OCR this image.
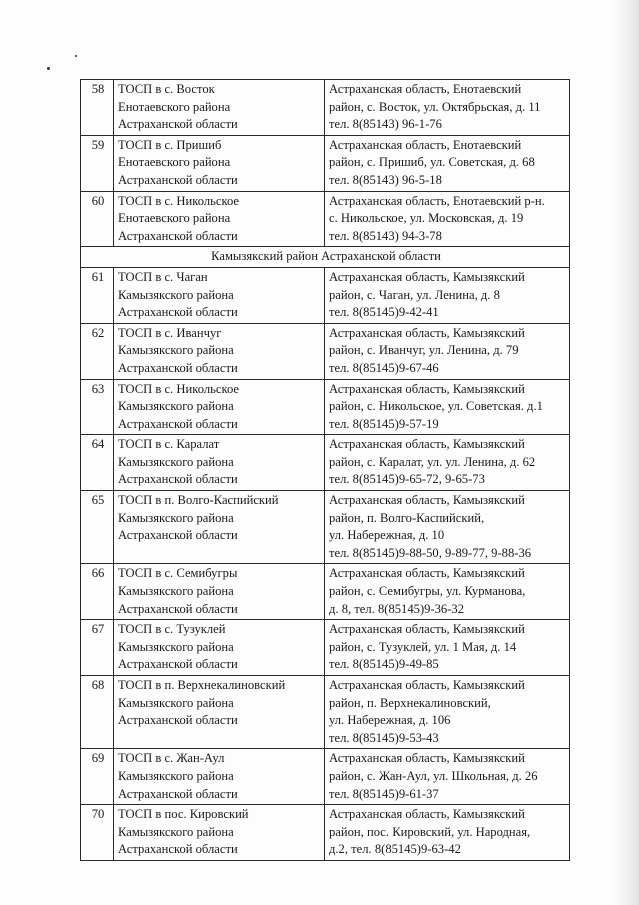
58	ТОСП в с. Восток
Енотаевского района
Астраханской области	Астраханская область, Енотаевский
район, с. Восток, ул. Октябрьская, д. 11
тел. 8(85143) 96-1-76

59	ТОСП в с. Пришиб
Енотаевского района
Астраханской области	Астраханская область, Енотаевский
район, с. Пришиб, ул. Советская, д. 68
тел. 8(85143) 96-5-18

60	ТОСП в с. Никольское
Енотаевского района
Астраханской области	Астраханская область, Енотаевский р-н.
с. Никольское, ул. Московская, д. 19
тел. 8(85143) 94-3-78

Камызякский район Астраханской области		
61	ТОСП в с. Чаган
Камызякского района
Астраханской области	Астраханская область, Камызякский
район, с. Чаган, ул. Ленина, д. 8
тел. 8(85145)9-42-41

62	ТОСП в с. Иванчуг
Камызякского района
Астраханской области	Астраханская область, Камызякский
район, с. Иванчуг, ул. Ленина, д. 79
тел. 8(85145)9-67-46

63	ТОСП в с. Никольское
Камызякского района
Астраханской области	Астраханская область, Камызякский
район, с. Никольское, ул. Советская. д.1
тел. 8(85145)9-57-19

64	ТОСП в с. Каралат
Камызякского района
Астраханской области	Астраханская область, Камызякский
район, с. Каралат, ул. ул. Ленина, д. 62
тел. 8(85145)9-65-72, 9-65-73

65	ТОСП в п. Волго-Каспийский
Камызякского района
Астраханской области	Астраханская область, Камызякский
район, п. Волго-Каспийский,
ул. Набережная, д. 10
тел. 8(85145)9-88-50, 9-89-77, 9-88-36

66	ТОСП в с. Семибугры
Камызякского района
Астраханской области	Астраханская область, Камызякский
район, с. Семибугры, ул. Курманова,
д. 8, тел. 8(85145)9-36-32

67	ТОСП в с. Тузуклей
Камызякского района
Астраханской области	Астраханская область, Камызякский
район, с. Тузуклей, ул. 1 Мая, д. 14
тел. 8(85145)9-49-85

68	ТОСП в п. Верхнекалиновский
Камызякского района
Астраханской области	Астраханская область, Камызякский
район, п. Верхнекалиновский,
ул. Набережная, д. 106
тел. 8(85145)9-53-43

69	ТОСП в с. Жан-Аул
Камызякского района
Астраханской области	Астраханская область, Камызякский
район, с. Жан-Аул, ул. Школьная, д. 26
тел. 8(85145)9-61-37

70	ТОСП в пос. Кировский
Камызякского района
Астраханской области	Астраханская область, Камызякский
район, пос. Кировский, ул. Народная,
д.2, тел. 8(85145)9-63-42
